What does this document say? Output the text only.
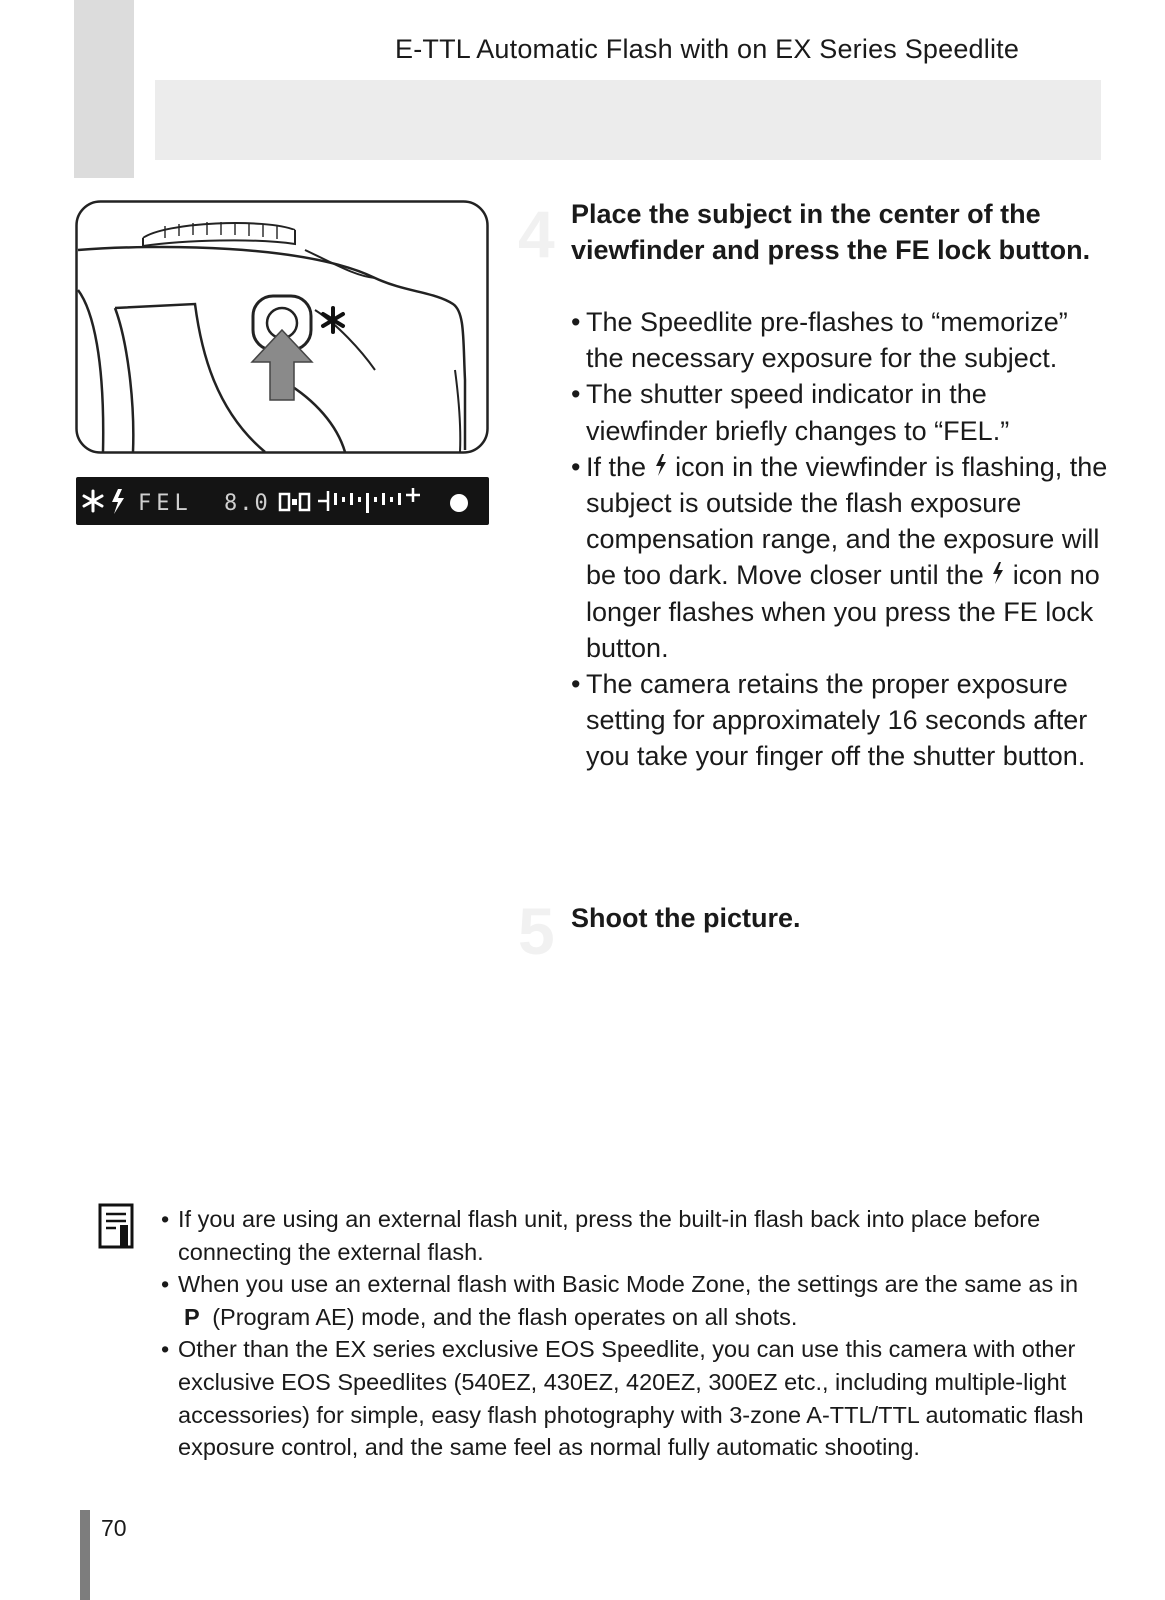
E-TTL Automatic Flash with on EX Series Speedlite
FEL 8.0
4 Place the subject in the center of the viewfinder and press the FE lock button.
• The Speedlite pre-flashes to “memorize” the necessary exposure for the subject.
• The shutter speed indicator in the viewfinder briefly changes to “FEL.”
• If the icon in the viewfinder is flashing, the subject is outside the flash exposure compensation range, and the exposure will be too dark. Move closer until the icon no longer flashes when you press the FE lock button.
• The camera retains the proper exposure setting for approximately 16 seconds after you take your finger off the shutter button.
5 Shoot the picture.
• If you are using an external flash unit, press the built-in flash back into place before connecting the external flash.
• When you use an external flash with Basic Mode Zone, the settings are the same as in P (Program AE) mode, and the flash operates on all shots.
• Other than the EX series exclusive EOS Speedlite, you can use this camera with other exclusive EOS Speedlites (540EZ, 430EZ, 420EZ, 300EZ etc., including multiple-light accessories) for simple, easy flash photography with 3-zone A-TTL/TTL automatic flash exposure control, and the same feel as normal fully automatic shooting.
70
